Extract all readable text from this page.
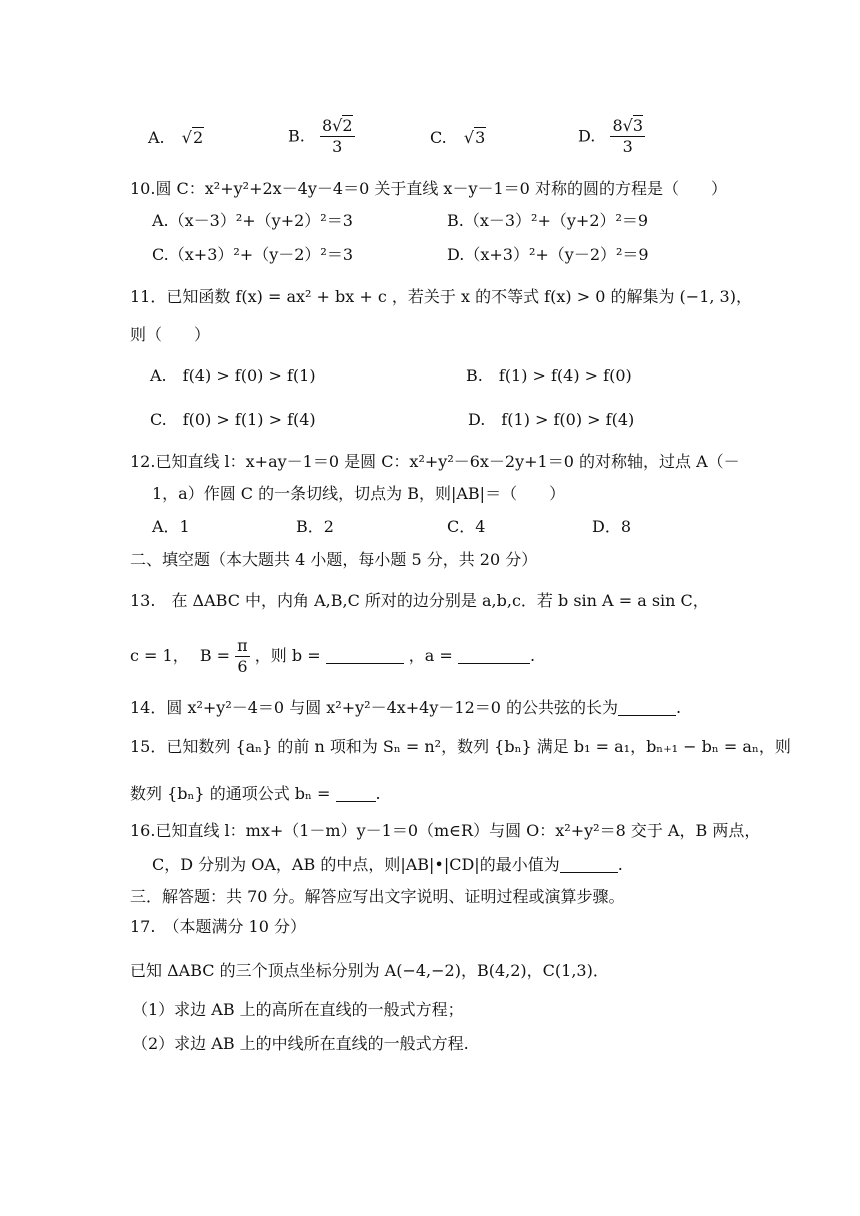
A. √2	B. $\frac{8√2}{3}$	C. √3	D. $\frac{8√3}{3}$
10.圆 C：x²+y²+2x－4y－4＝0 关于直线 x－y－1＝0 对称的圆的方程是（　　）
A.（x－3）²+（y+2）²＝3	B.（x－3）²+（y+2）²＝9
C.（x+3）²+（y－2）²＝3	D.（x+3）²+（y－2）²＝9
11．已知函数 f(x) = ax² + bx + c ，若关于 x 的不等式 f(x) > 0 的解集为 (−1, 3)，
则（　　）
A.　f(4) > f(0) > f(1)	B.　f(1) > f(4) > f(0)
C.　f(0) > f(1) > f(4)	D.　f(1) > f(0) > f(4)
12.已知直线 l：x+ay－1＝0 是圆 C：x²+y²－6x－2y+1＝0 的对称轴，过点 A（－
1，a）作圆 C 的一条切线，切点为 B，则|AB|＝（　　）
A．1	B．2	C．4	D．8
二、填空题（本大题共 4 小题，每小题 5 分，共 20 分）
13.　在 ΔABC 中，内角 A,B,C 所对的边分别是 a,b,c．若 b sin A = a sin C，
c = 1， $B = \frac{\pi}{6}$ ，则 b =	，a =	.
14．圆 x²+y²－4＝0 与圆 x²+y²－4x+4y－12＝0 的公共弦的长为	.
15．已知数列 {aₙ} 的前 n 项和为 Sₙ = n²，数列 {bₙ} 满足 b₁ = a₁，bₙ₊₁ − bₙ = aₙ，则
数列 {bₙ} 的通项公式 bₙ =	.
16.已知直线 l：mx+（1－m）y－1＝0（m∈R）与圆 O：x²+y²＝8 交于 A，B 两点，
C，D 分别为 OA，AB 的中点，则|AB|•|CD|的最小值为	.
三．解答题：共 70 分。解答应写出文字说明、证明过程或演算步骤。
17.　（本题满分 10 分）
已知 ΔABC 的三个顶点坐标分别为 A(−4,−2)，B(4,2)，C(1,3)．
（1）求边 AB 上的高所在直线的一般式方程；
（2）求边 AB 上的中线所在直线的一般式方程.
